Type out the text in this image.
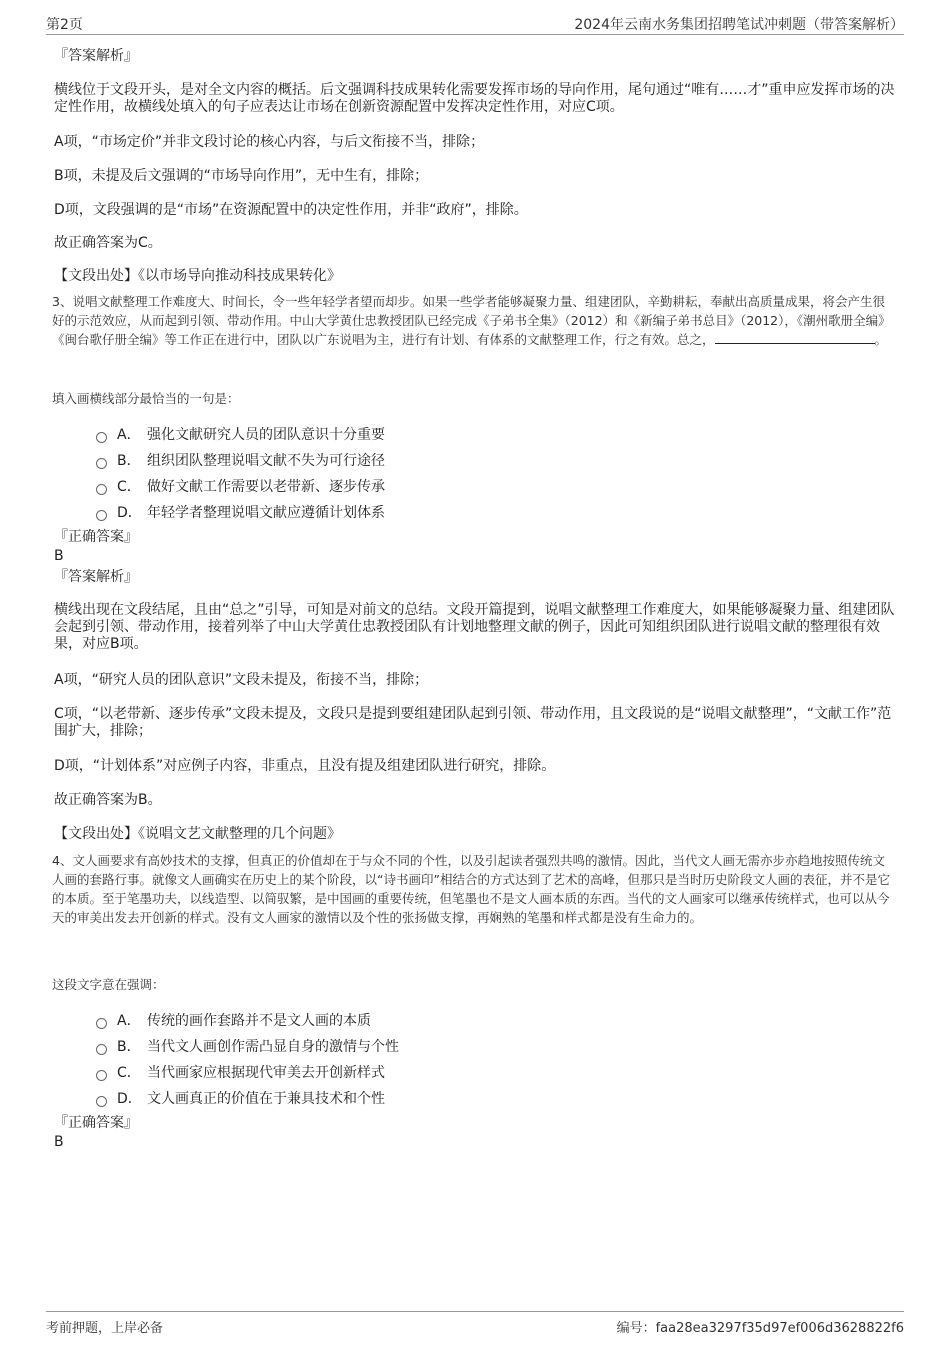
第2页	2024年云南水务集团招聘笔试冲刺题（带答案解析）
『答案解析』
横线位于文段开头，是对全文内容的概括。后文强调科技成果转化需要发挥市场的导向作用，尾句通过“唯有……才”重申应发挥市场的决定性作用，故横线处填入的句子应表达让市场在创新资源配置中发挥决定性作用，对应C项。
A项，“市场定价”并非文段讨论的核心内容，与后文衔接不当，排除；
B项，未提及后文强调的“市场导向作用”，无中生有，排除；
D项，文段强调的是“市场”在资源配置中的决定性作用，并非“政府”，排除。
故正确答案为C。
【文段出处】《以市场导向推动科技成果转化》
3、说唱文献整理工作难度大、时间长，令一些年轻学者望而却步。如果一些学者能够凝聚力量、组建团队，辛勤耕耘，奉献出高质量成果，将会产生很好的示范效应，从而起到引领、带动作用。中山大学黄仕忠教授团队已经完成《子弟书全集》（2012）和《新编子弟书总目》（2012），《潮州歌册全编》《闽台歌仔册全编》等工作正在进行中，团队以广东说唱为主，进行有计划、有体系的文献整理工作，行之有效。总之，	。
填入画横线部分最恰当的一句是：
A． 强化文献研究人员的团队意识十分重要
B． 组织团队整理说唱文献不失为可行途径
C． 做好文献工作需要以老带新、逐步传承
D． 年轻学者整理说唱文献应遵循计划体系
『正确答案』
B
『答案解析』
横线出现在文段结尾，且由“总之”引导，可知是对前文的总结。文段开篇提到，说唱文献整理工作难度大，如果能够凝聚力量、组建团队会起到引领、带动作用，接着列举了中山大学黄仕忠教授团队有计划地整理文献的例子，因此可知组织团队进行说唱文献的整理很有效果，对应B项。
A项，“研究人员的团队意识”文段未提及，衔接不当，排除；
C项，“以老带新、逐步传承”文段未提及，文段只是提到要组建团队起到引领、带动作用，且文段说的是“说唱文献整理”，“文献工作”范围扩大，排除；
D项，“计划体系”对应例子内容，非重点，且没有提及组建团队进行研究，排除。
故正确答案为B。
【文段出处】《说唱文艺文献整理的几个问题》
4、文人画要求有高妙技术的支撑，但真正的价值却在于与众不同的个性，以及引起读者强烈共鸣的激情。因此，当代文人画无需亦步亦趋地按照传统文人画的套路行事。就像文人画确实在历史上的某个阶段，以“诗书画印”相结合的方式达到了艺术的高峰，但那只是当时历史阶段文人画的表征，并不是它的本质。至于笔墨功夫，以线造型、以简驭繁，是中国画的重要传统，但笔墨也不是文人画本质的东西。当代的文人画家可以继承传统样式，也可以从今天的审美出发去开创新的样式。没有文人画家的激情以及个性的张扬做支撑，再娴熟的笔墨和样式都是没有生命力的。
这段文字意在强调：
A． 传统的画作套路并不是文人画的本质
B． 当代文人画创作需凸显自身的激情与个性
C． 当代画家应根据现代审美去开创新样式
D． 文人画真正的价值在于兼具技术和个性
『正确答案』
B
考前押题，上岸必备	编号：faa28ea3297f35d97ef006d3628822f6
